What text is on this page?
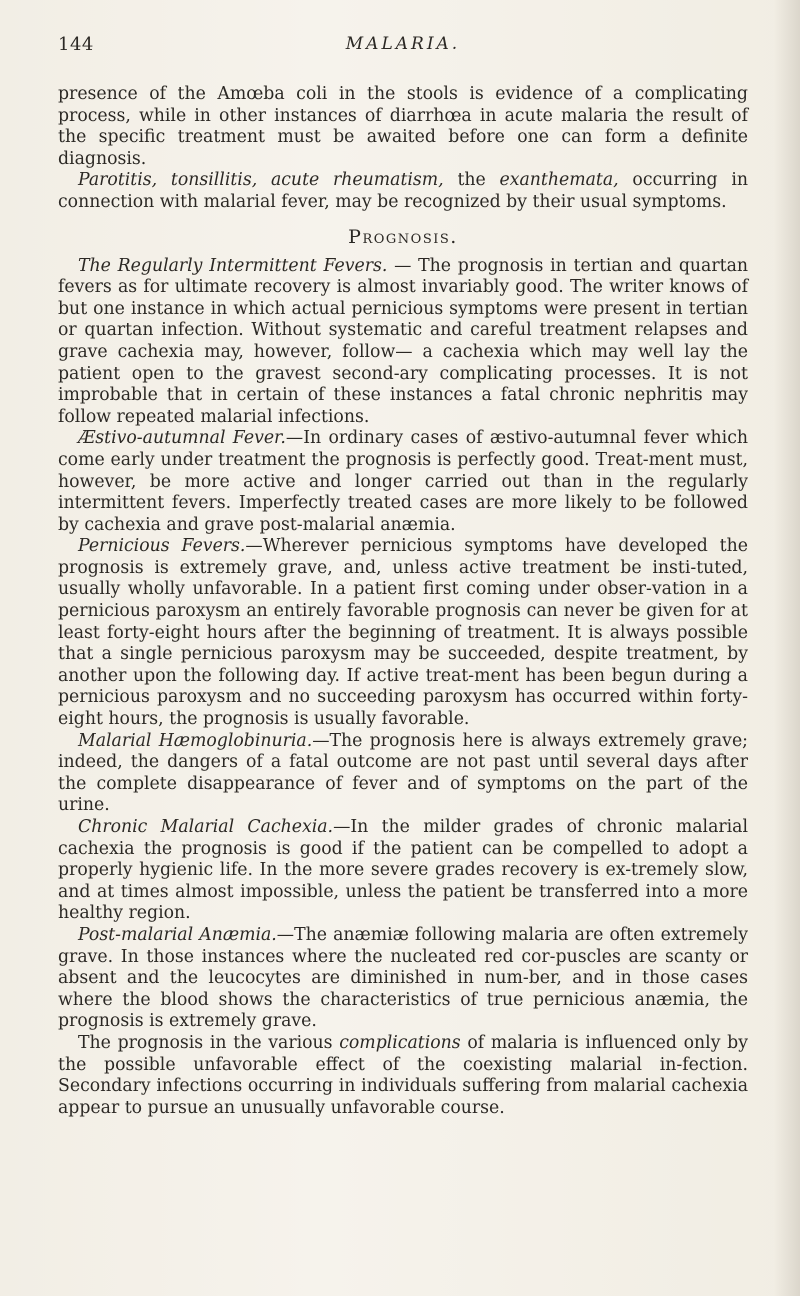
144	MALARIA.

presence of the Amœba coli in the stools is evidence of a complicating process, while in other instances of diarrhœa in acute malaria the result of the specific treatment must be awaited before one can form a definite diagnosis.

Parotitis, tonsillitis, acute rheumatism, the exanthemata, occurring in connection with malarial fever, may be recognized by their usual symptoms.

Prognosis.

The Regularly Intermittent Fevers. — The prognosis in tertian and quartan fevers as for ultimate recovery is almost invariably good. The writer knows of but one instance in which actual pernicious symptoms were present in tertian or quartan infection. Without systematic and careful treatment relapses and grave cachexia may, however, follow— a cachexia which may well lay the patient open to the gravest second-ary complicating processes. It is not improbable that in certain of these instances a fatal chronic nephritis may follow repeated malarial infections.

Æstivo-autumnal Fever.—In ordinary cases of æstivo-autumnal fever which come early under treatment the prognosis is perfectly good. Treat-ment must, however, be more active and longer carried out than in the regularly intermittent fevers. Imperfectly treated cases are more likely to be followed by cachexia and grave post-malarial anæmia.

Pernicious Fevers.—Wherever pernicious symptoms have developed the prognosis is extremely grave, and, unless active treatment be insti-tuted, usually wholly unfavorable. In a patient first coming under obser-vation in a pernicious paroxysm an entirely favorable prognosis can never be given for at least forty-eight hours after the beginning of treatment. It is always possible that a single pernicious paroxysm may be succeeded, despite treatment, by another upon the following day. If active treat-ment has been begun during a pernicious paroxysm and no succeeding paroxysm has occurred within forty-eight hours, the prognosis is usually favorable.

Malarial Hæmoglobinuria.—The prognosis here is always extremely grave; indeed, the dangers of a fatal outcome are not past until several days after the complete disappearance of fever and of symptoms on the part of the urine.

Chronic Malarial Cachexia.—In the milder grades of chronic malarial cachexia the prognosis is good if the patient can be compelled to adopt a properly hygienic life. In the more severe grades recovery is ex-tremely slow, and at times almost impossible, unless the patient be transferred into a more healthy region.

Post-malarial Anæmia.—The anæmiæ following malaria are often extremely grave. In those instances where the nucleated red cor-puscles are scanty or absent and the leucocytes are diminished in num-ber, and in those cases where the blood shows the characteristics of true pernicious anæmia, the prognosis is extremely grave.

The prognosis in the various complications of malaria is influenced only by the possible unfavorable effect of the coexisting malarial in-fection. Secondary infections occurring in individuals suffering from malarial cachexia appear to pursue an unusually unfavorable course.
